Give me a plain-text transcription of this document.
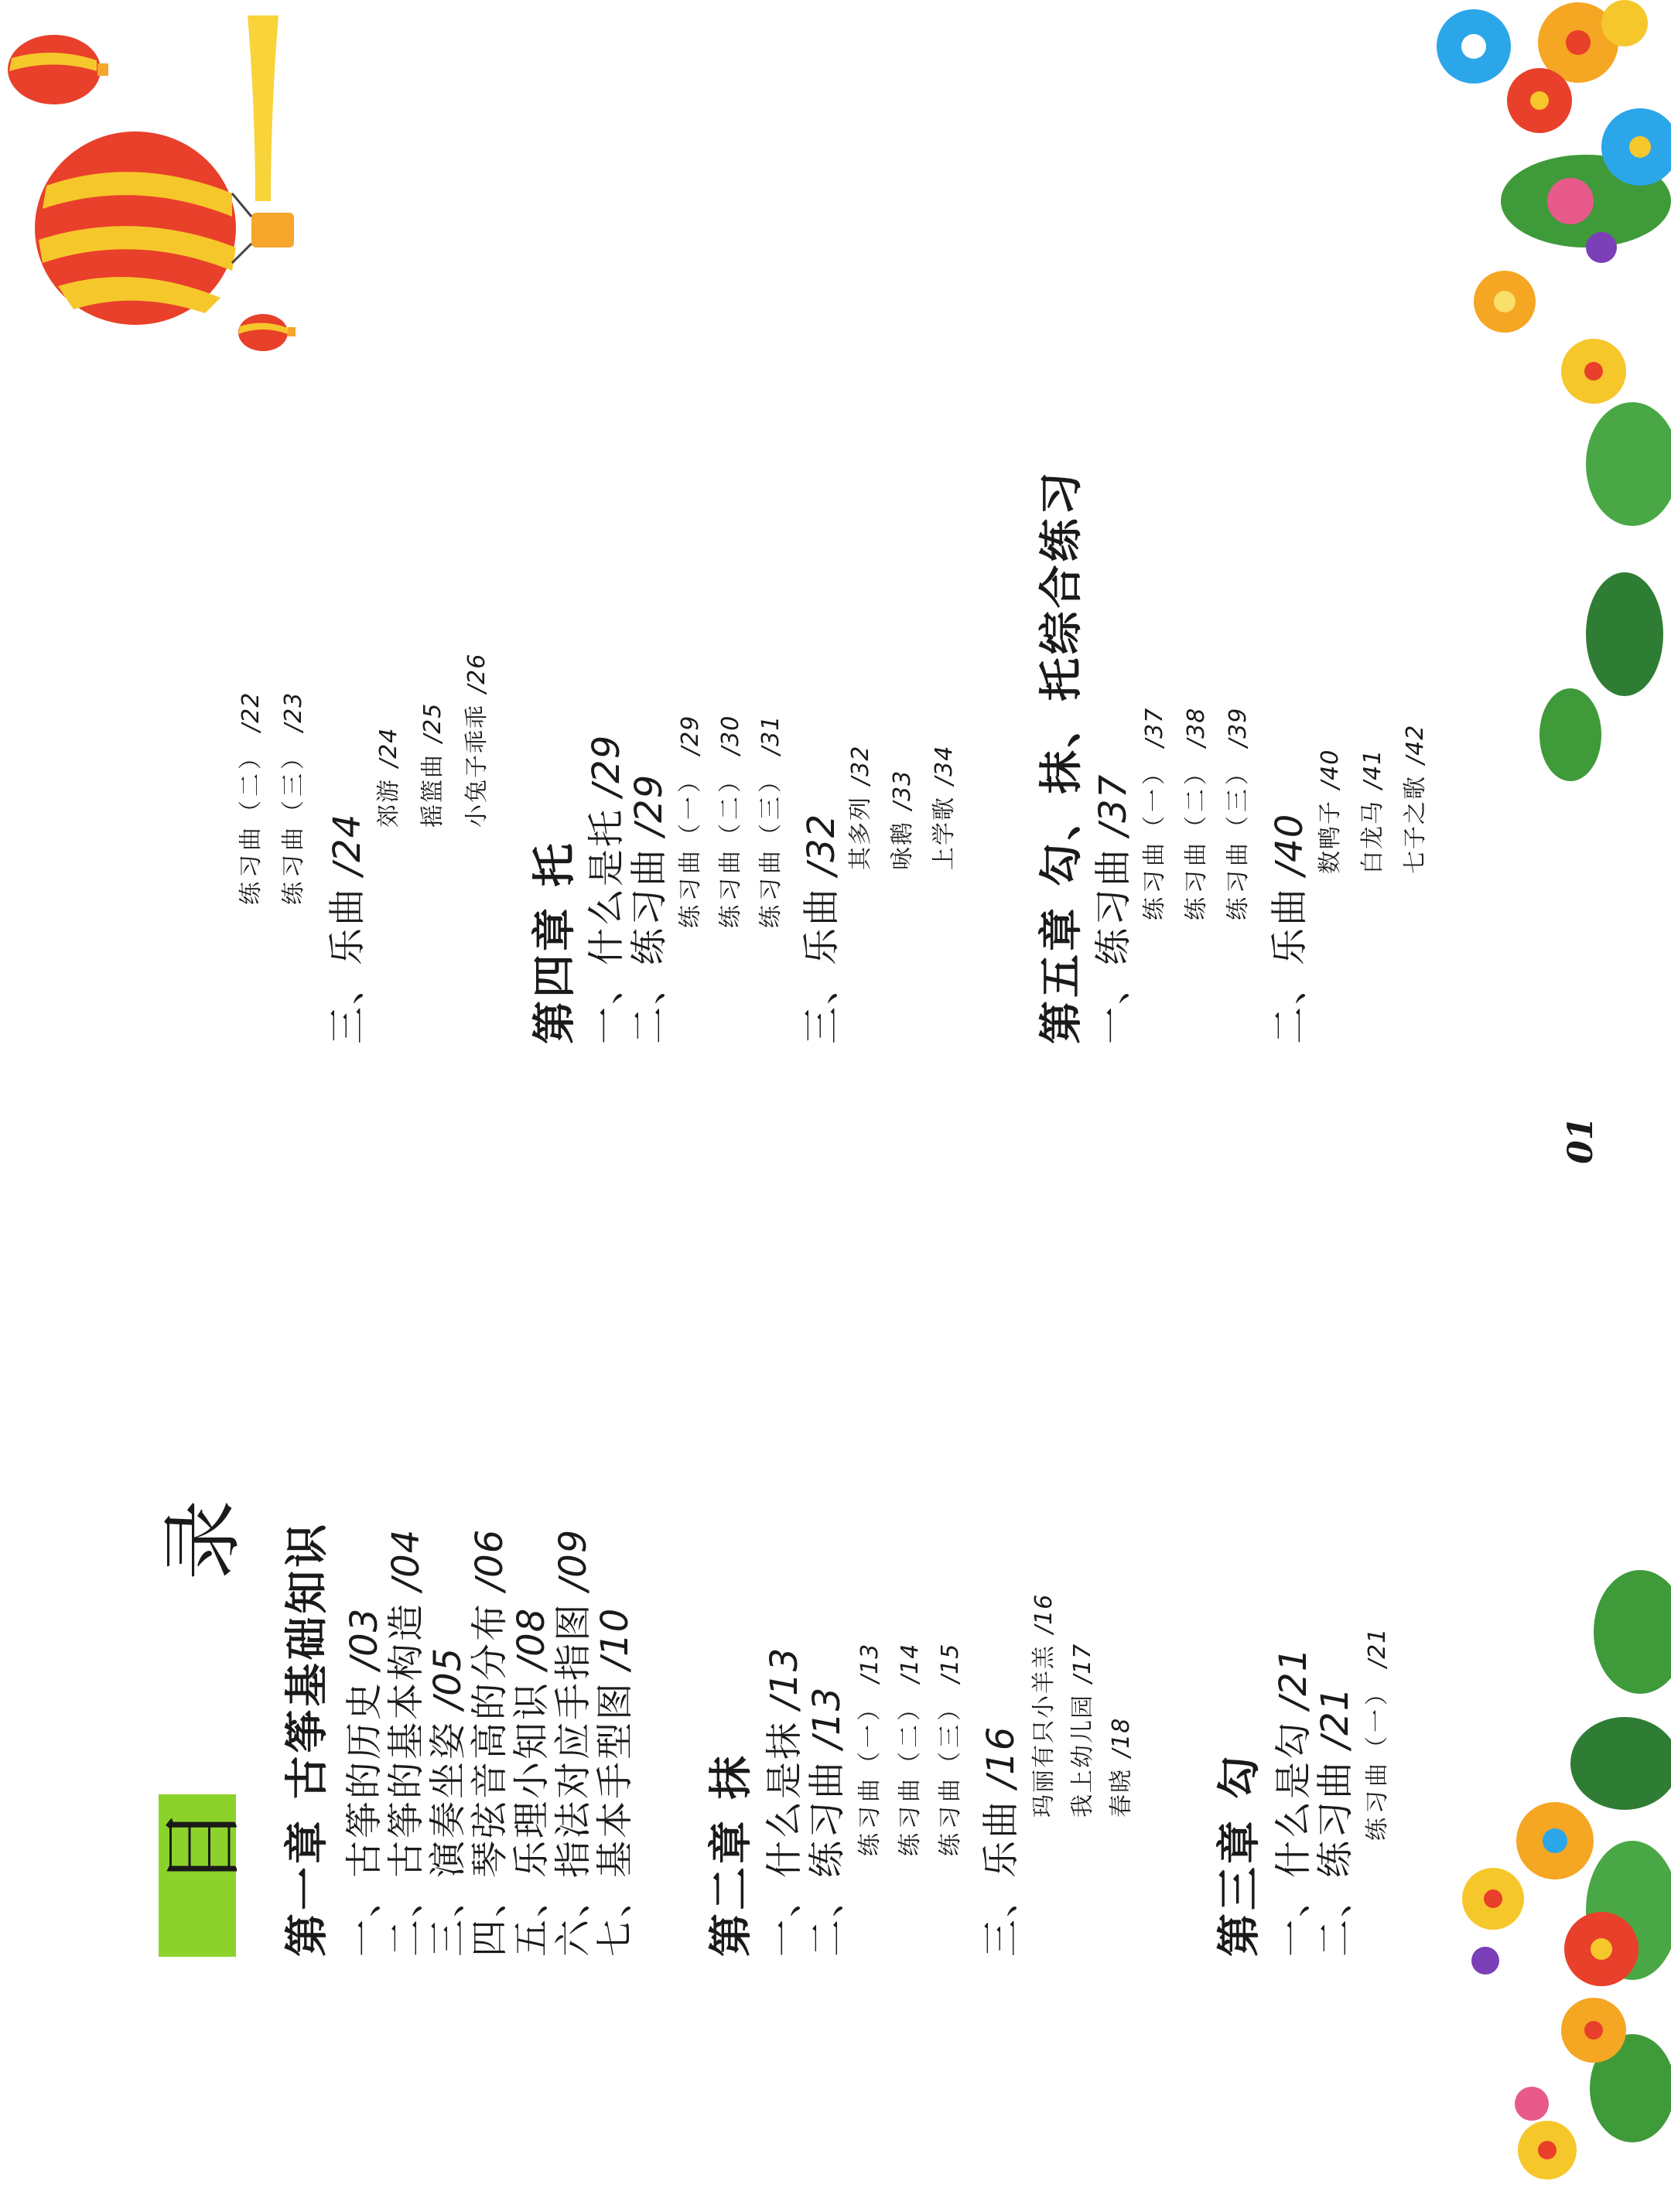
目 录 第一章 古筝基础知识 一、古筝的历史/03
二、古筝的基本构造/04
三、演奏坐姿/05
四、琴弦音高的分布/06
五、乐理小知识/08
六、指法对应手指图/09
七、基本手型图/10
第二章 抹 一、什么是抹/13
二、练习曲/13 练习曲（一）/13
练习曲（二）/14
练习曲（三）/15
三、乐曲/16 玛丽有只小羊羔/16
我上幼儿园/17
春晓/18
第三章 勾 一、什么是勾/21
二、练习曲/21 练习曲（一）/21
练习曲（二）/22
练习曲（三）/23
三、乐曲/24
郊游/24
摇篮曲/25 小兔子乖乖/26
第四章 托 一、什么是托/29
二、练习曲/29 练习曲（一）/29
练习曲（二）/30
练习曲（三）/31
三、乐曲/32 其多列/32
咏鹅/33
上学歌/34 第五章 勾、抹、托综合练习 一、练习曲/37 练习曲（一）/37
练习曲（二）/38
练习曲（三）/39
二、乐曲/40 数鸭子/40
白龙马/41
七子之歌/42
01
